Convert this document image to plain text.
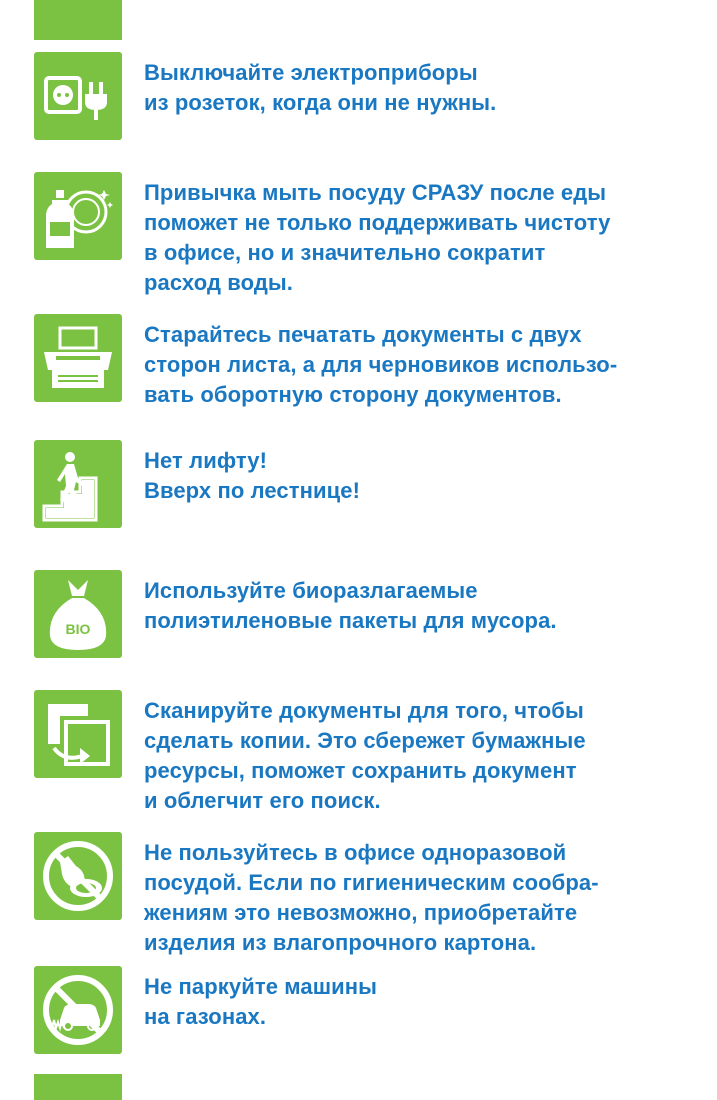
Выключайте электроприборы
из розеток, когда они не нужны.

Привычка мыть посуду СРАЗУ после еды
поможет не только поддерживать чистоту
в офисе, но и значительно сократит
расход воды.

Старайтесь печатать документы с двух
сторон листа, а для черновиков использо-
вать оборотную сторону документов.

Нет лифту!
Вверх по лестнице!

BIO

Используйте биоразлагаемые
полиэтиленовые пакеты для мусора.

Сканируйте документы для того, чтобы
сделать копии. Это сбережет бумажные
ресурсы, поможет сохранить документ
и облегчит его поиск.

Не пользуйтесь в офисе одноразовой
посудой. Если по гигиеническим сообра-
жениям это невозможно, приобретайте
изделия из влагопрочного картона.

Не паркуйте машины
на газонах.
